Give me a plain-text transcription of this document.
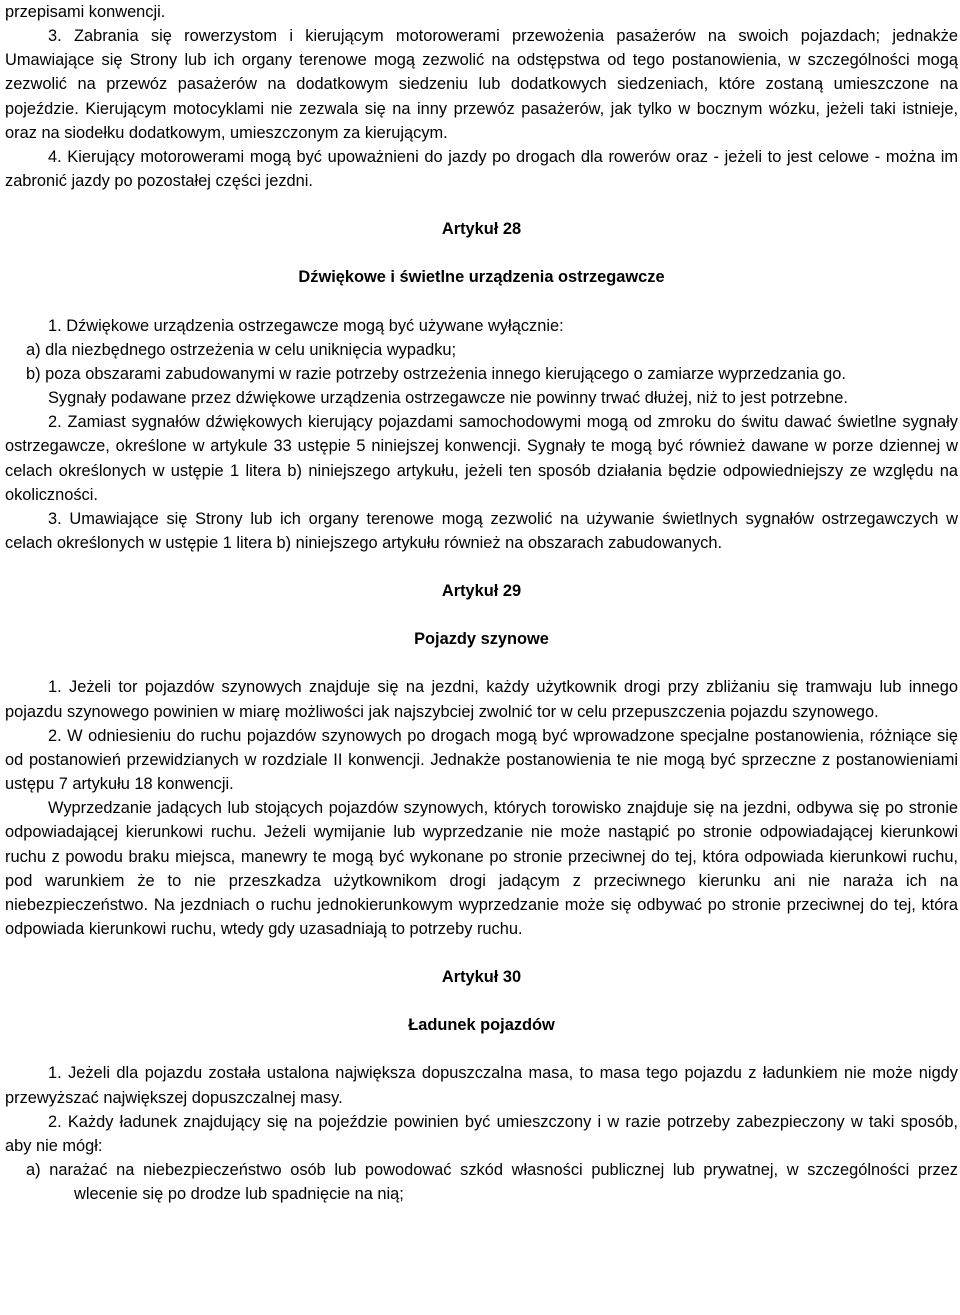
przepisami konwencji.

3. Zabrania się rowerzystom i kierującym motorowerami przewożenia pasażerów na swoich pojazdach; jednakże Umawiające się Strony lub ich organy terenowe mogą zezwolić na odstępstwa od tego postanowienia, w szczególności mogą zezwolić na przewóz pasażerów na dodatkowym siedzeniu lub dodatkowych siedzeniach, które zostaną umieszczone na pojeździe. Kierującym motocyklami nie zezwala się na inny przewóz pasażerów, jak tylko w bocznym wózku, jeżeli taki istnieje, oraz na siodełku dodatkowym, umieszczonym za kierującym.

4. Kierujący motorowerami mogą być upoważnieni do jazdy po drogach dla rowerów oraz - jeżeli to jest celowe - można im zabronić jazdy po pozostałej części jezdni.

Artykuł 28

Dźwiękowe i świetlne urządzenia ostrzegawcze

1. Dźwiękowe urządzenia ostrzegawcze mogą być używane wyłącznie:

a) dla niezbędnego ostrzeżenia w celu uniknięcia wypadku;

b) poza obszarami zabudowanymi w razie potrzeby ostrzeżenia innego kierującego o zamiarze wyprzedzania go.

Sygnały podawane przez dźwiękowe urządzenia ostrzegawcze nie powinny trwać dłużej, niż to jest potrzebne.

2. Zamiast sygnałów dźwiękowych kierujący pojazdami samochodowymi mogą od zmroku do świtu dawać świetlne sygnały ostrzegawcze, określone w artykule 33 ustępie 5 niniejszej konwencji. Sygnały te mogą być również dawane w porze dziennej w celach określonych w ustępie 1 litera b) niniejszego artykułu, jeżeli ten sposób działania będzie odpowiedniejszy ze względu na okoliczności.

3. Umawiające się Strony lub ich organy terenowe mogą zezwolić na używanie świetlnych sygnałów ostrzegawczych w celach określonych w ustępie 1 litera b) niniejszego artykułu również na obszarach zabudowanych.

Artykuł 29

Pojazdy szynowe

1. Jeżeli tor pojazdów szynowych znajduje się na jezdni, każdy użytkownik drogi przy zbliżaniu się tramwaju lub innego pojazdu szynowego powinien w miarę możliwości jak najszybciej zwolnić tor w celu przepuszczenia pojazdu szynowego.

2. W odniesieniu do ruchu pojazdów szynowych po drogach mogą być wprowadzone specjalne postanowienia, różniące się od postanowień przewidzianych w rozdziale II konwencji. Jednakże postanowienia te nie mogą być sprzeczne z postanowieniami ustępu 7 artykułu 18 konwencji.

Wyprzedzanie jadących lub stojących pojazdów szynowych, których torowisko znajduje się na jezdni, odbywa się po stronie odpowiadającej kierunkowi ruchu. Jeżeli wymijanie lub wyprzedzanie nie może nastąpić po stronie odpowiadającej kierunkowi ruchu z powodu braku miejsca, manewry te mogą być wykonane po stronie przeciwnej do tej, która odpowiada kierunkowi ruchu, pod warunkiem że to nie przeszkadza użytkownikom drogi jadącym z przeciwnego kierunku ani nie naraża ich na niebezpieczeństwo. Na jezdniach o ruchu jednokierunkowym wyprzedzanie może się odbywać po stronie przeciwnej do tej, która odpowiada kierunkowi ruchu, wtedy gdy uzasadniają to potrzeby ruchu.

Artykuł 30

Ładunek pojazdów

1. Jeżeli dla pojazdu została ustalona największa dopuszczalna masa, to masa tego pojazdu z ładunkiem nie może nigdy przewyższać największej dopuszczalnej masy.

2. Każdy ładunek znajdujący się na pojeździe powinien być umieszczony i w razie potrzeby zabezpieczony w taki sposób, aby nie mógł:

a) narażać na niebezpieczeństwo osób lub powodować szkód własności publicznej lub prywatnej, w szczególności przez wlecenie się po drodze lub spadnięcie na nią;
